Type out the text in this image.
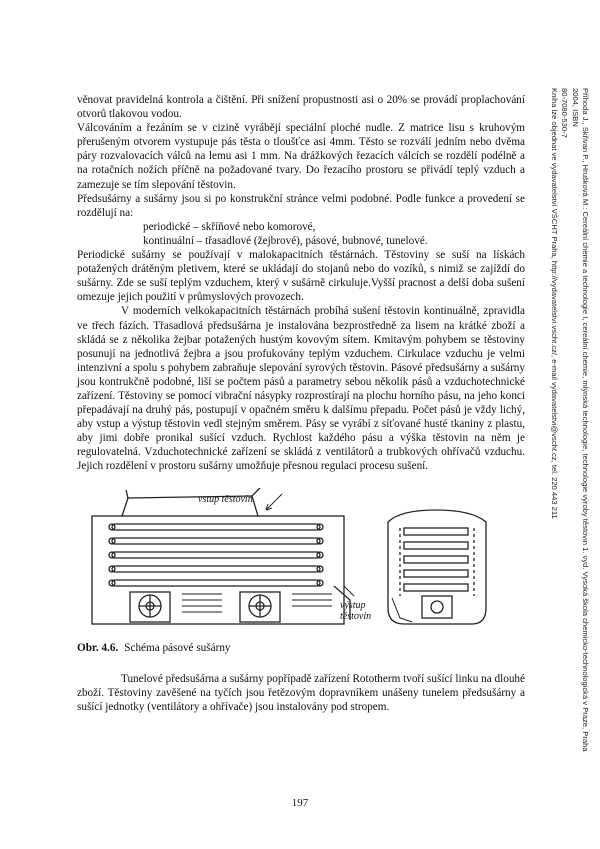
Příhoda J., Skřivan P., Hrušková M.: Cereální chemie a technologie I, cereální chemie, mlýnská technologie, technologie výroby těstovin 1. vyd. Vysoká škola chemicko-technologická v Praze, Praha 2004, ISBN
80-7080-530-7
Kniha lze objednat ve vydavatelství VŠCHT Praha, http://vydavatelstvi.vscht.cz/, e-mail vydavatelstvi@vscht.cz, tel. 220 443 211

věnovat pravidelná kontrola a čištění. Při snížení propustnosti asi o 20% se provádí proplachování otvorů tlakovou vodou.

Válcováním a řezáním se v cizině vyrábějí speciální ploché nudle. Z matrice lisu s kruhovým přerušeným otvorem vystupuje pás těsta o tloušťce asi 4mm. Těsto se rozválí jedním nebo dvěma páry rozvalovacích válců na lemu asi 1 mm. Na drážkových řezacích válcích se rozdělí podélně a na rotačních nožích příčně na požadované tvary. Do řezacího prostoru se přivádí teplý vzduch a zamezuje se tím slepování těstovin.

Předsušárny a sušárny jsou si po konstrukční stránce velmi podobné. Podle funkce a provedení se rozdělují na:

periodické – skříňové nebo komorové,

kontinuální – třasadlové (žejbrové), pásové, bubnové, tunelové.

Periodické sušárny se používají v malokapacitních těstárnách. Těstoviny se suší na lískách potažených drátěným pletivem, které se ukládají do stojanů nebo do vozíků, s nimiž se zajíždí do sušárny. Zde se suší teplým vzduchem, který v sušárně cirkuluje.Vyšší pracnost a delší doba sušení omezuje jejich použití v průmyslových provozech.

V moderních velkokapacitních těstárnách probíhá sušení těstovin kontinuálně, zpravidla ve třech fázích. Třasadlová předsušárna je instalována bezprostředně za lisem na krátké zboží a skládá se z několika žejbar potažených hustým kovovým sítem. Kmitavým pohybem se těstoviny posunují na jednotlivá žejbra a jsou profukovány teplým vzduchem. Cirkulace vzduchu je velmi intenzivní a spolu s pohybem zabraňuje slepování syrových těstovin. Pásové předsušárny a sušárny jsou kontrukčně podobné, liší se počtem pásů a parametry sebou několik pásů a vzduchotechnické zařízení. Těstoviny se pomocí vibrační násypky rozprostírají na plochu horního pásu, na jeho konci přepadávají na druhý pás, postupují v opačném směru k dalšímu přepadu. Počet pásů je vždy lichý, aby vstup a výstup těstovin vedl stejným směrem. Pásy se vyrábí z síťované husté tkaniny z plastu, aby jimi dobře pronikal sušící vzduch. Rychlost každého pásu a výška těstovin na něm je regulovatelná. Vzduchotechnické zařízení se skládá z ventilátorů a trubkových ohřívačů vzduchu. Jejich rozdělení v prostoru sušárny umožňuje přesnou regulaci procesu sušení.

vstup těstovin
výstup
těstovin
Obr. 4.6. Schéma pásové sušárny

Tunelové předsušárna a sušárny popřípadě zařízení Rototherm tvoří sušící linku na dlouhé zboží. Těstoviny zavěšené na tyčích jsou řetězovým dopravníkem unášeny tunelem předsušárny a sušící jednotky (ventilátory a ohřívače) jsou instalovány pod stropem.

197
